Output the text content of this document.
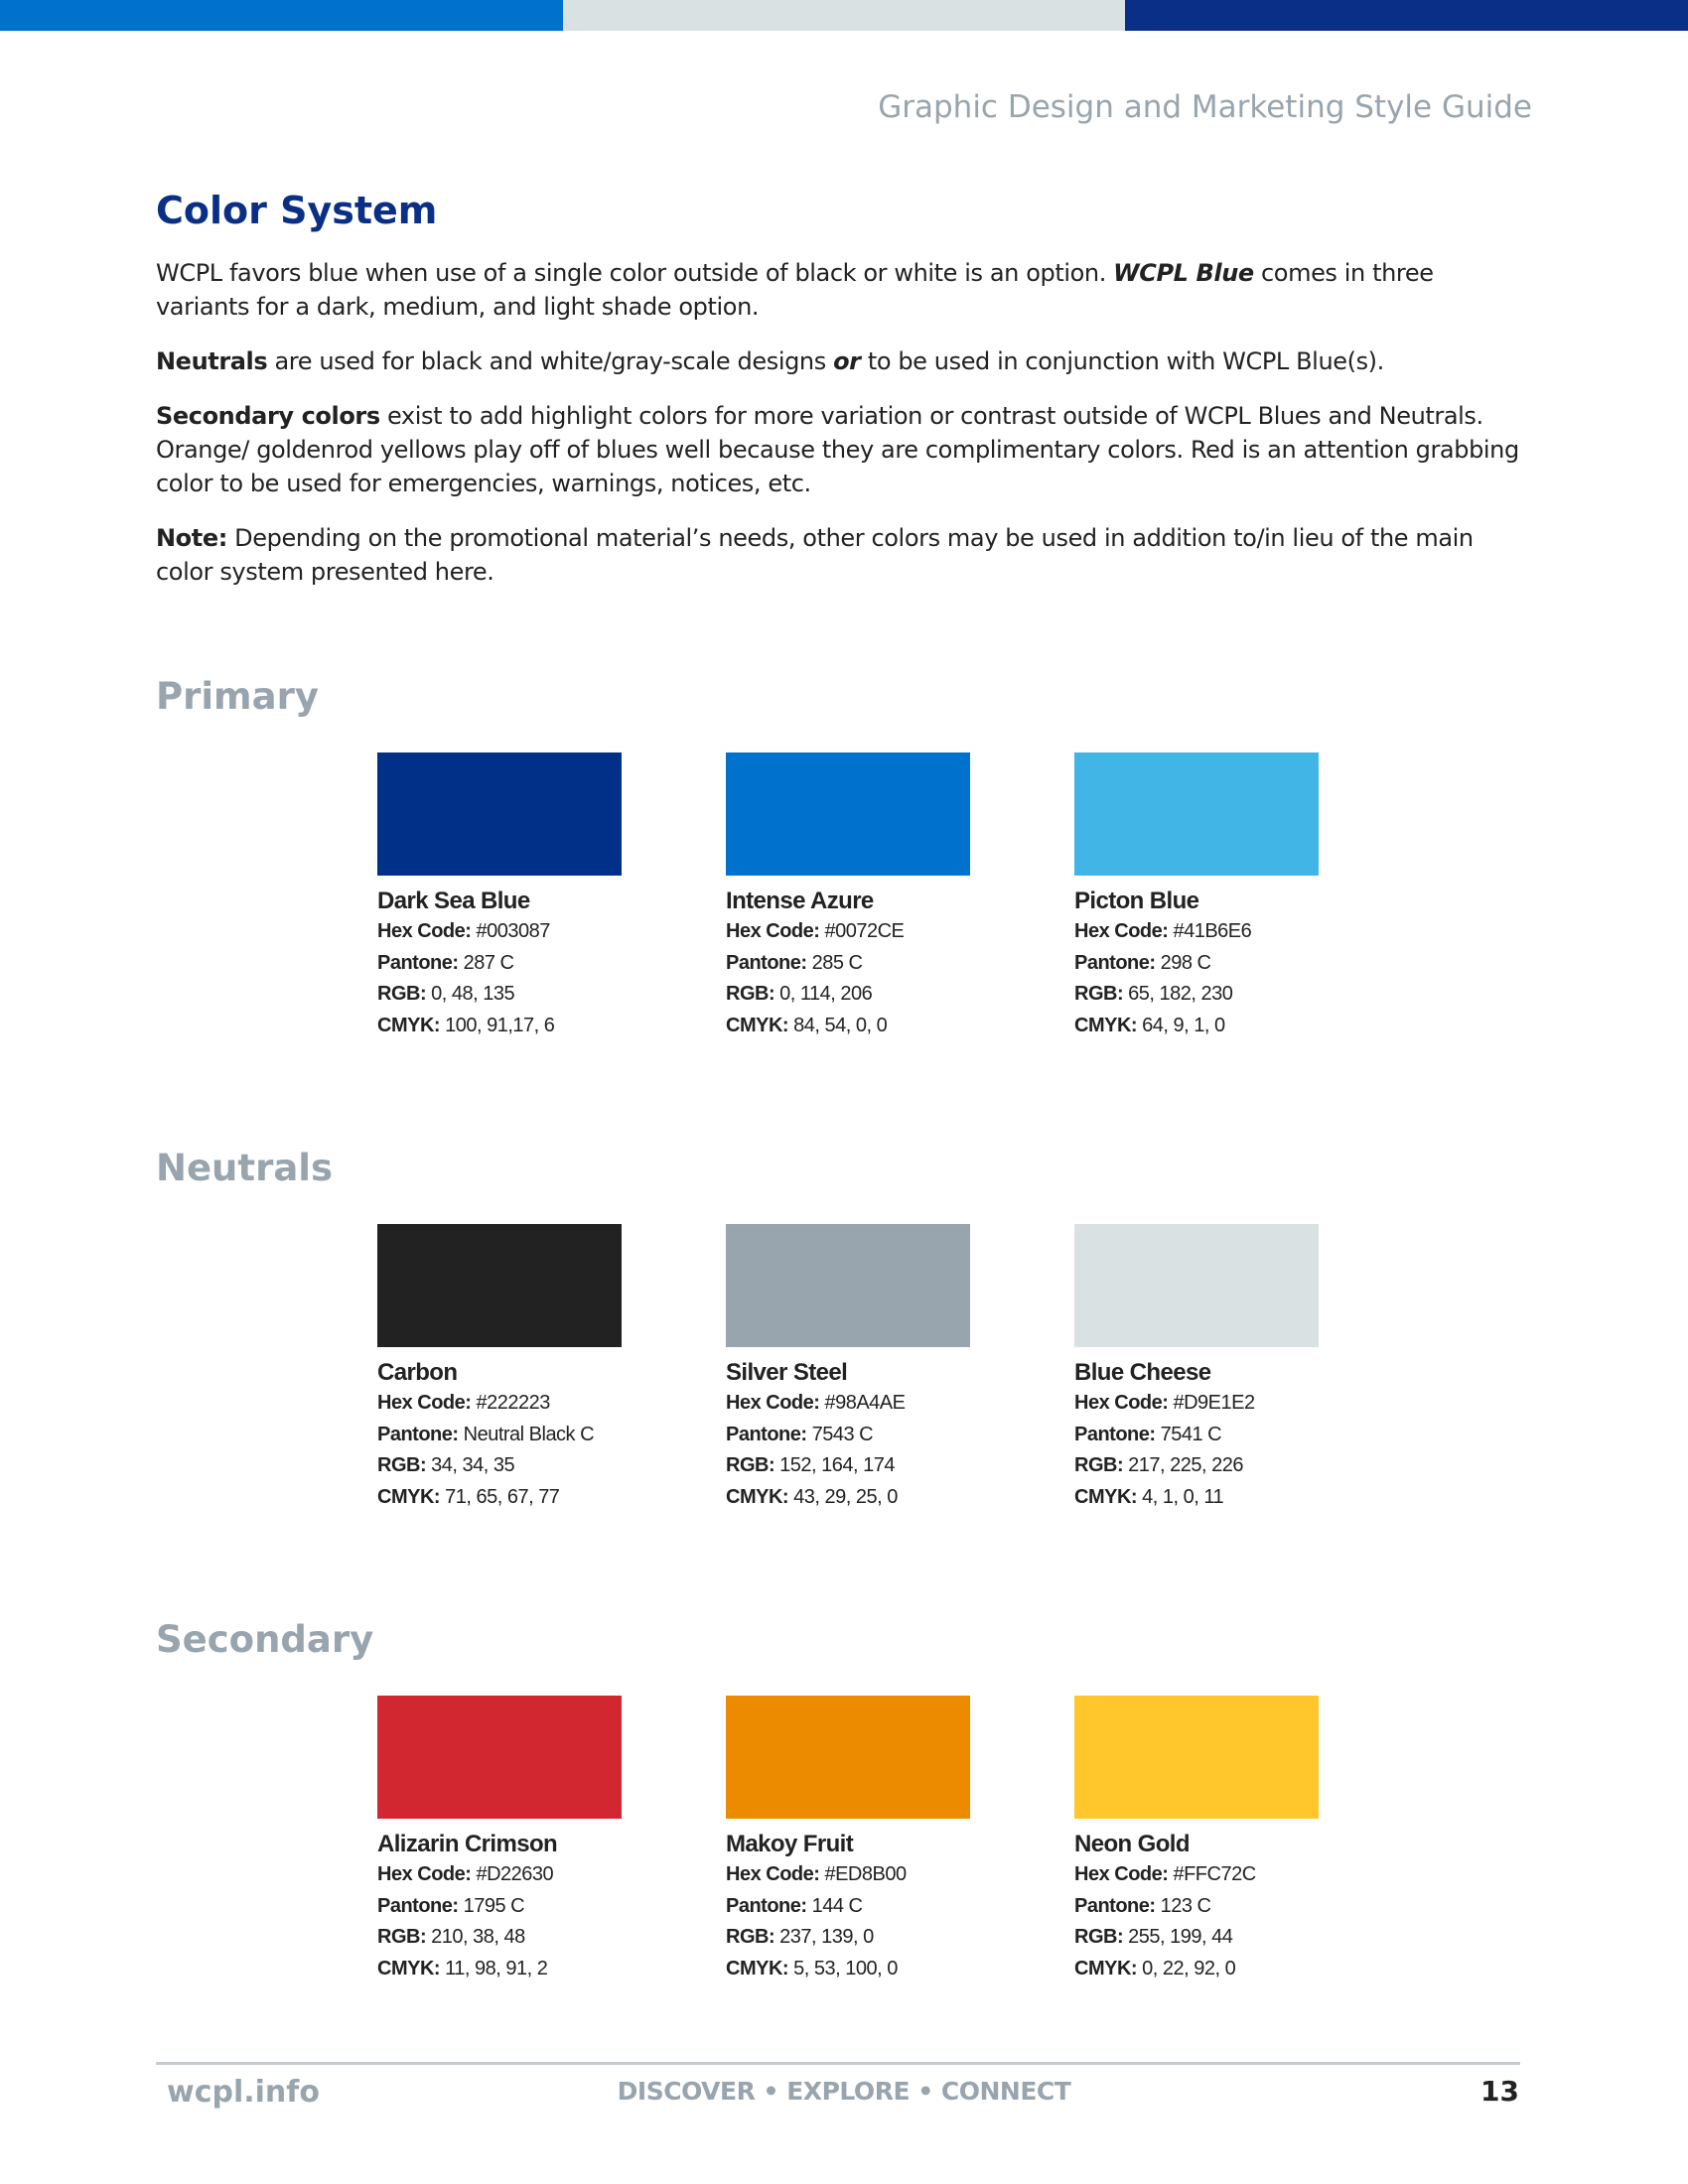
Graphic Design and Marketing Style Guide
Color System

WCPL favors blue when use of a single color outside of black or white is an option. WCPL Blue comes in three variants for a dark, medium, and light shade option.

Neutrals are used for black and white/gray-scale designs or to be used in conjunction with WCPL Blue(s).

Secondary colors exist to add highlight colors for more variation or contrast outside of WCPL Blues and Neutrals. Orange/ goldenrod yellows play off of blues well because they are complimentary colors. Red is an attention grabbing color to be used for emergencies, warnings, notices, etc.

Note: Depending on the promotional material’s needs, other colors may be used in addition to/in lieu of the main color system presented here.

Primary
Dark Sea Blue
Hex Code: #003087
Pantone: 287 C
RGB: 0, 48, 135
CMYK: 100, 91,17, 6
Intense Azure
Hex Code: #0072CE
Pantone: 285 C
RGB: 0, 114, 206
CMYK: 84, 54, 0, 0
Picton Blue
Hex Code: #41B6E6
Pantone: 298 C
RGB: 65, 182, 230
CMYK: 64, 9, 1, 0
Neutrals
Carbon
Hex Code: #222223
Pantone: Neutral Black C
RGB: 34, 34, 35
CMYK: 71, 65, 67, 77
Silver Steel
Hex Code: #98A4AE
Pantone: 7543 C
RGB: 152, 164, 174
CMYK: 43, 29, 25, 0
Blue Cheese
Hex Code: #D9E1E2
Pantone: 7541 C
RGB: 217, 225, 226
CMYK: 4, 1, 0, 11
Secondary
Alizarin Crimson
Hex Code: #D22630
Pantone: 1795 C
RGB: 210, 38, 48
CMYK: 11, 98, 91, 2
Makoy Fruit
Hex Code: #ED8B00
Pantone: 144 C
RGB: 237, 139, 0
CMYK: 5, 53, 100, 0
Neon Gold
Hex Code: #FFC72C
Pantone: 123 C
RGB: 255, 199, 44
CMYK: 0, 22, 92, 0
wcpl.info	DISCOVER • EXPLORE • CONNECT	13
